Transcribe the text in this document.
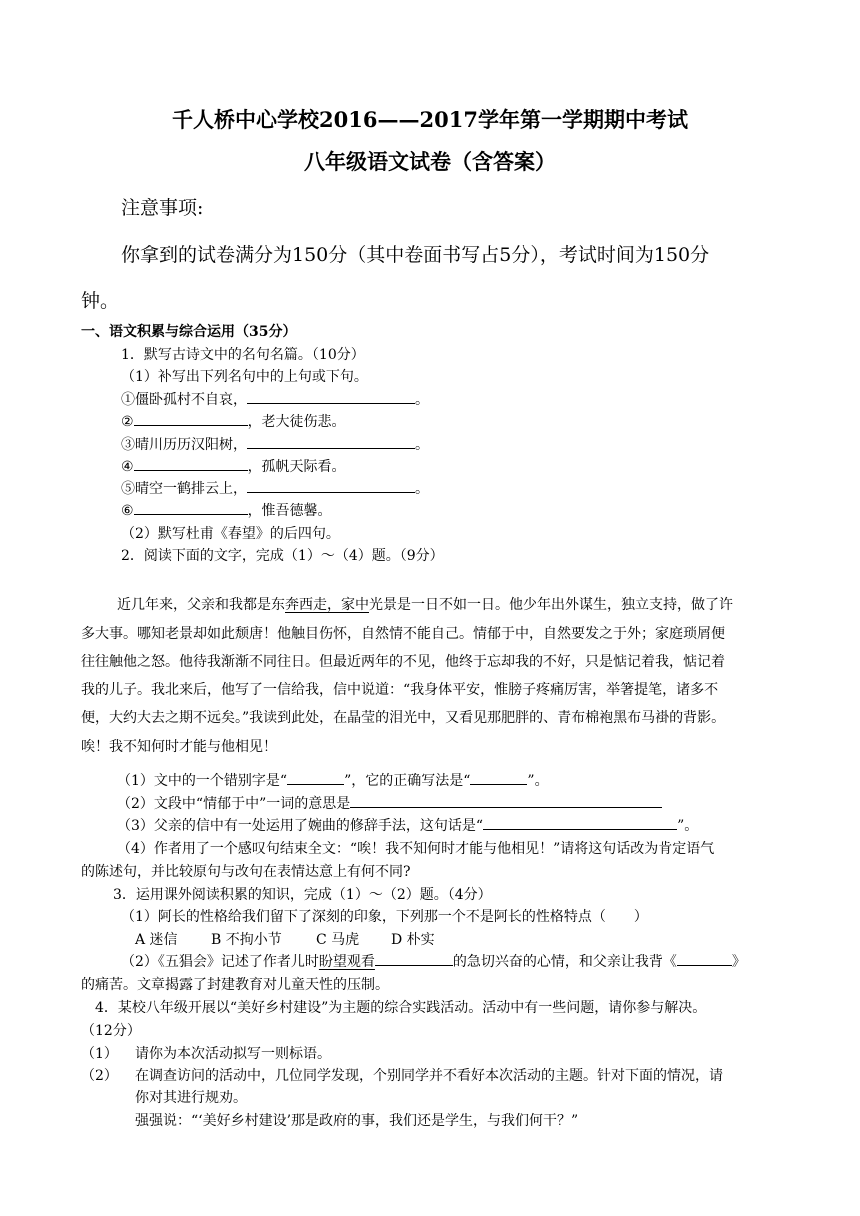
千人桥中心学校2016——2017学年第一学期期中考试
八年级语文试卷（含答案）
注意事项:
你拿到的试卷满分为150分（其中卷面书写占5分），考试时间为150分
钟。
一、语文积累与综合运用（35分）
1．默写古诗文中的名句名篇。（10分）
（1）补写出下列名句中的上句或下句。
①僵卧孤村不自哀，	。
②	，老大徒伤悲。
③晴川历历汉阳树，	。
④	，孤帆天际看。
⑤晴空一鹤排云上，	。
⑥	，惟吾德馨。
（2）默写杜甫《春望》的后四句。
2．阅读下面的文字，完成（1）～（4）题。（9分）
近几年来，父亲和我都是东奔西走，家中光景是一日不如一日。他少年出外谋生，独立支持，做了许
多大事。哪知老景却如此颓唐！他触目伤怀，自然情不能自己。情郁于中，自然要发之于外；家庭琐屑便
往往触他之怒。他待我渐渐不同往日。但最近两年的不见，他终于忘却我的不好，只是惦记着我，惦记着
我的儿子。我北来后，他写了一信给我，信中说道：“我身体平安，惟膀子疼痛厉害，举箸提笔，诸多不
便，大约大去之期不远矣。”我读到此处，在晶莹的泪光中，又看见那肥胖的、青布棉袍黑布马褂的背影。
唉！我不知何时才能与他相见！
（1）文中的一个错别字是“	”，它的正确写法是“	”。
（2）文段中“情郁于中”一词的意思是
（3）父亲的信中有一处运用了婉曲的修辞手法，这句话是“	”。
（4）作者用了一个感叹句结束全文：“唉！我不知何时才能与他相见！”请将这句话改为肯定语气
的陈述句，并比较原句与改句在表情达意上有何不同?
3．运用课外阅读积累的知识，完成（1）～（2）题。（4分）
（1）阿长的性格给我们留下了深刻的印象，下列那一个不是阿长的性格特点（　　）
A 迷信 B 不拘小节 C 马虎 D 朴实
（2）《五猖会》记述了作者儿时盼望观看	的急切兴奋的心情，和父亲让我背《	》
的痛苦。文章揭露了封建教育对儿童天性的压制。
4．某校八年级开展以“美好乡村建设”为主题的综合实践活动。活动中有一些问题，请你参与解决。
（12分）
（1） 请你为本次活动拟写一则标语。
（2） 在调查访问的活动中，几位同学发现，个别同学并不看好本次活动的主题。针对下面的情况，请
你对其进行规劝。
强强说：“‘美好乡村建设’那是政府的事，我们还是学生，与我们何干？”
